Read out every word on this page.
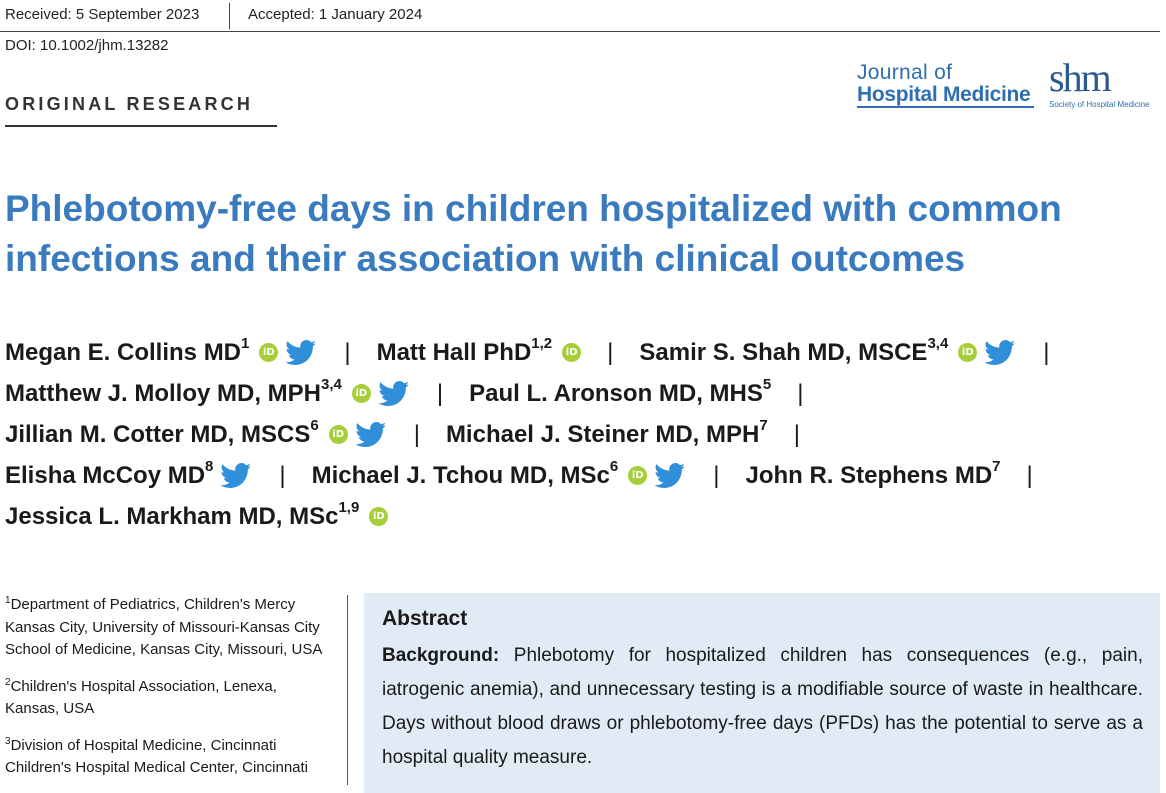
Received: 5 September 2023	Accepted: 1 January 2024
DOI: 10.1002/jhm.13282
ORIGINAL RESEARCH
Journal of
Hospital Medicine shm
Society of Hospital Medicine
Phlebotomy-free days in children hospitalized with common infections and their association with clinical outcomes
Megan E. Collins $MD^1$
iD	| Matt Hall PhD$^{1,2}$
iD | Samir S. Shah MD, MSCE$^{3,4}$
iD	|
Matthew J. Molloy MD, MPH$^{3,4}$
iD	| Paul L. Aronson MD, MHS$^5$ |
Jillian M. Cotter MD, MSCS$^6$
iD	| Michael J. Steiner MD, MPH$^7$ |
Elisha McCoy $MD^8$	| Michael J. Tchou MD, MSc$^6$
iD	| John R. Stephens $MD^7$ |
Jessica L. Markham MD, MSc$^{1,9}$
iD
$^1$Department of Pediatrics, Children's Mercy Kansas City, University of Missouri-Kansas City School of Medicine, Kansas City, Missouri, USA
$^2$Children's Hospital Association, Lenexa, Kansas, USA
$^3$Division of Hospital Medicine, Cincinnati Children's Hospital Medical Center, Cincinnati
Abstract
Background: Phlebotomy for hospitalized children has consequences (e.g., pain, iatrogenic anemia), and unnecessary testing is a modifiable source of waste in healthcare. Days without blood draws or phlebotomy-free days (PFDs) has the potential to serve as a hospital quality measure.
